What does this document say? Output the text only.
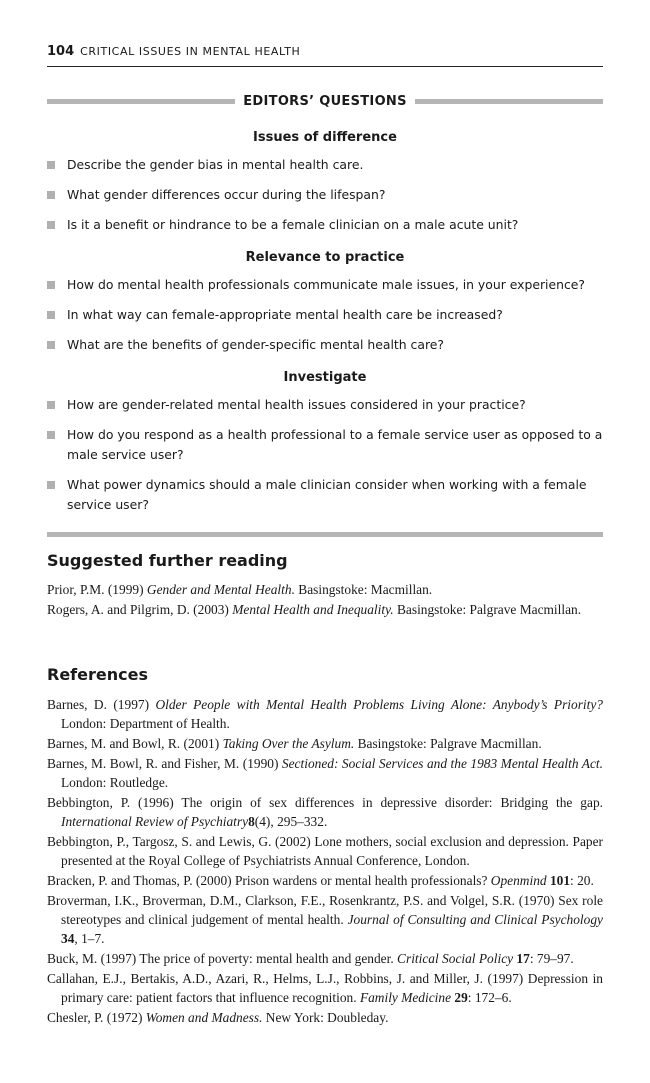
104 CRITICAL ISSUES IN MENTAL HEALTH
EDITORS’ QUESTIONS
Issues of difference
Describe the gender bias in mental health care.
What gender differences occur during the lifespan?
Is it a benefit or hindrance to be a female clinician on a male acute unit?
Relevance to practice
How do mental health professionals communicate male issues, in your experience?
In what way can female-appropriate mental health care be increased?
What are the benefits of gender-specific mental health care?
Investigate
How are gender-related mental health issues considered in your practice?
How do you respond as a health professional to a female service user as opposed to a male service user?
What power dynamics should a male clinician consider when working with a female service user?
Suggested further reading

Prior, P.M. (1999) Gender and Mental Health. Basingstoke: Macmillan.

Rogers, A. and Pilgrim, D. (2003) Mental Health and Inequality. Basingstoke: Palgrave Macmillan.

References

Barnes, D. (1997) Older People with Mental Health Problems Living Alone: Anybody’s Priority? London: Department of Health.

Barnes, M. and Bowl, R. (2001) Taking Over the Asylum. Basingstoke: Palgrave Macmillan.

Barnes, M. Bowl, R. and Fisher, M. (1990) Sectioned: Social Services and the 1983 Mental Health Act. London: Routledge.

Bebbington, P. (1996) The origin of sex differences in depressive disorder: Bridging the gap. International Review of Psychiatry8(4), 295–332.

Bebbington, P., Targosz, S. and Lewis, G. (2002) Lone mothers, social exclusion and depression. Paper presented at the Royal College of Psychiatrists Annual Conference, London.

Bracken, P. and Thomas, P. (2000) Prison wardens or mental health professionals? Openmind 101: 20.

Broverman, I.K., Broverman, D.M., Clarkson, F.E., Rosenkrantz, P.S. and Volgel, S.R. (1970) Sex role stereotypes and clinical judgement of mental health. Journal of Consulting and Clinical Psychology 34, 1–7.

Buck, M. (1997) The price of poverty: mental health and gender. Critical Social Policy 17: 79–97.

Callahan, E.J., Bertakis, A.D., Azari, R., Helms, L.J., Robbins, J. and Miller, J. (1997) Depression in primary care: patient factors that influence recognition. Family Medicine 29: 172–6.

Chesler, P. (1972) Women and Madness. New York: Doubleday.
